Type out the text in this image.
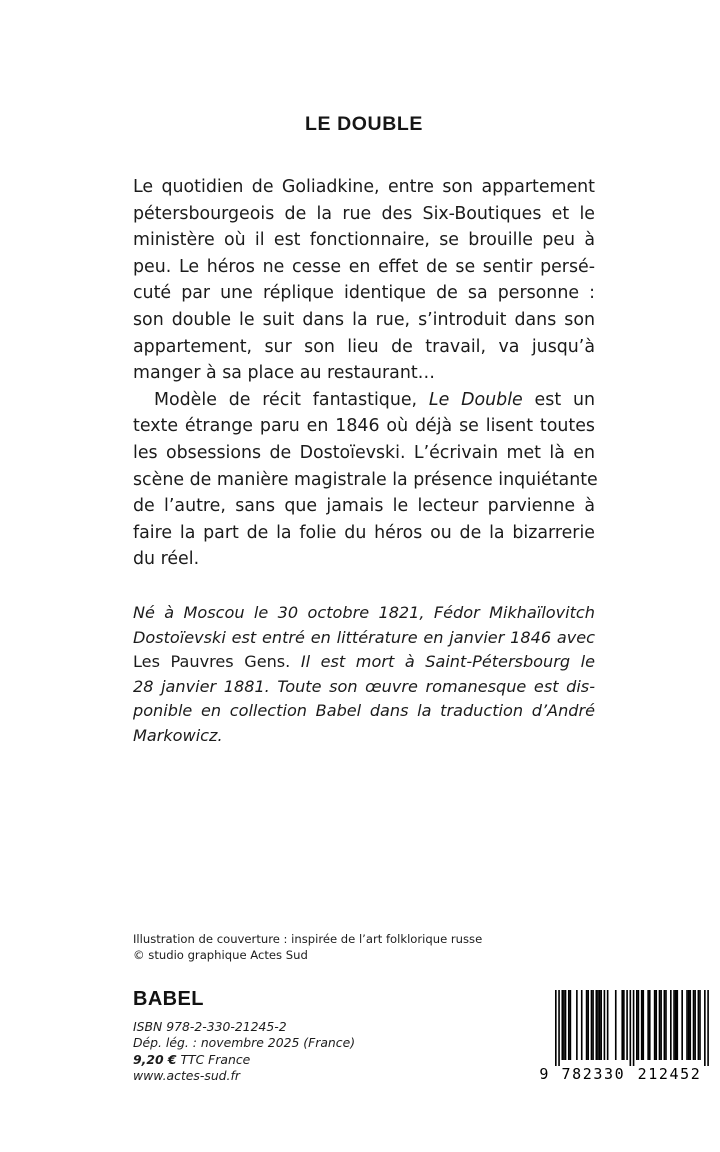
LE DOUBLE

Le quotidien de Goliadkine, entre son appartement
pétersbourgeois de la rue des Six-Boutiques et le
ministère où il est fonctionnaire, se brouille peu à
peu. Le héros ne cesse en effet de se sentir persé-
cuté par une réplique identique de sa personne :
son double le suit dans la rue, s’introduit dans son
appartement, sur son lieu de travail, va jusqu’à
manger à sa place au restaurant…

Modèle de récit fantastique, Le Double est un
texte étrange paru en 1846 où déjà se lisent toutes
les obsessions de Dostoïevski. L’écrivain met là en
scène de manière magistrale la présence inquiétante
de l’autre, sans que jamais le lecteur parvienne à
faire la part de la folie du héros ou de la bizarrerie
du réel.

Né à Moscou le 30 octobre 1821, Fédor Mikhaïlovitch
Dostoïevski est entré en littérature en janvier 1846 avec
Les Pauvres Gens. Il est mort à Saint-Pétersbourg le
28 janvier 1881. Toute son œuvre romanesque est dis-
ponible en collection Babel dans la traduction d’André
Markowicz.
Illustration de couverture : inspirée de l’art folklorique russe
© studio graphique Actes Sud
BABEL
ISBN 978-2-330-21245-2
Dép. lég. : novembre 2025 (France)
9,20 € TTC France
www.actes-sud.fr	9 782330 212452
